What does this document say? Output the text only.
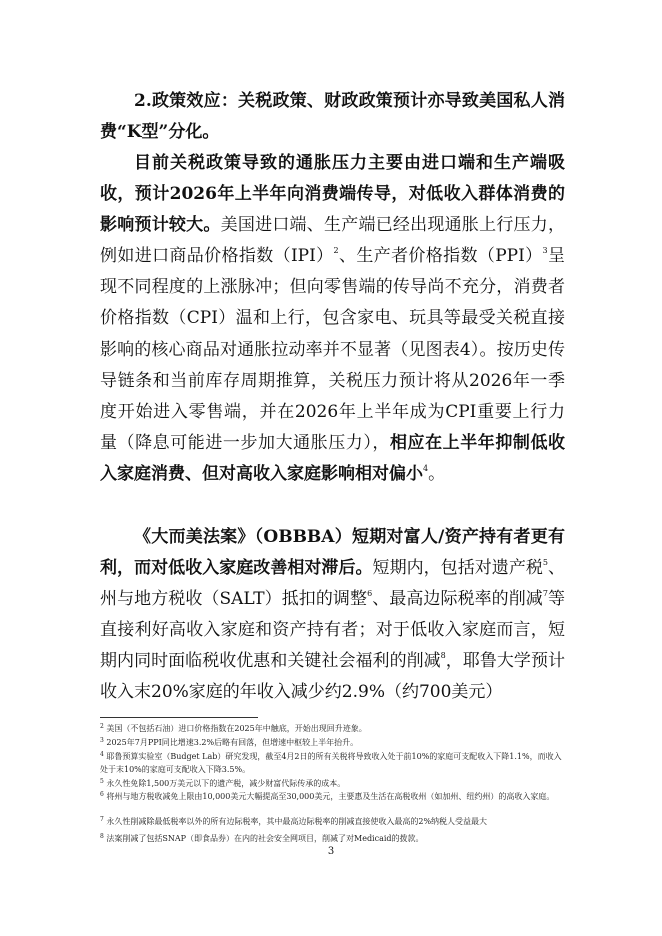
2.政策效应：关税政策、财政政策预计亦导致美国私人消费“K型”分化。

目前关税政策导致的通胀压力主要由进口端和生产端吸收，预计2026年上半年向消费端传导，对低收入群体消费的影响预计较大。美国进口端、生产端已经出现通胀上行压力，例如进口商品价格指数（IPI）$^2$、生产者价格指数（PPI）$^3$呈现不同程度的上涨脉冲；但向零售端的传导尚不充分，消费者价格指数（CPI）温和上行，包含家电、玩具等最受关税直接影响的核心商品对通胀拉动率并不显著（见图表4）。按历史传导链条和当前库存周期推算，关税压力预计将从2026年一季度开始进入零售端，并在2026年上半年成为CPI重要上行力量（降息可能进一步加大通胀压力），相应在上半年抑制低收入家庭消费、但对高收入家庭影响相对偏小$^4$。

《大而美法案》（OBBBA）短期对富人/资产持有者更有利，而对低收入家庭改善相对滞后。短期内，包括对遗产税$^5$、州与地方税收（SALT）抵扣的调整$^6$、最高边际税率的削减$^7$等直接利好高收入家庭和资产持有者；对于低收入家庭而言，短期内同时面临税收优惠和关键社会福利的削减$^8$，耶鲁大学预计收入末20%家庭的年收入减少约2.9%（约700美元）

$^2$ 美国（不包括石油）进口价格指数在2025年中触底，开始出现回升迹象。

$^3$ 2025年7月PPI同比增速3.2%后略有回落，但增速中枢较上半年抬升。

$^4$ 耶鲁预算实验室（Budget Lab）研究发现，截至4月2日的所有关税将导致收入处于前10%的家庭可支配收入下降1.1%，而收入处于末10%的家庭可支配收入下降3.5%。

$^5$ 永久性免除1,500万美元以下的遗产税，减少财富代际传承的成本。

$^6$ 将州与地方税收减免上限由10,000美元大幅提高至30,000美元，主要惠及生活在高税收州（如加州、纽约州）的高收入家庭。

$^7$ 永久性削减除最低税率以外的所有边际税率，其中最高边际税率的削减直接使收入最高的2%纳税人受益最大

$^8$ 法案削减了包括SNAP（即食品券）在内的社会安全网项目，削减了对Medicaid的拨款。

3
